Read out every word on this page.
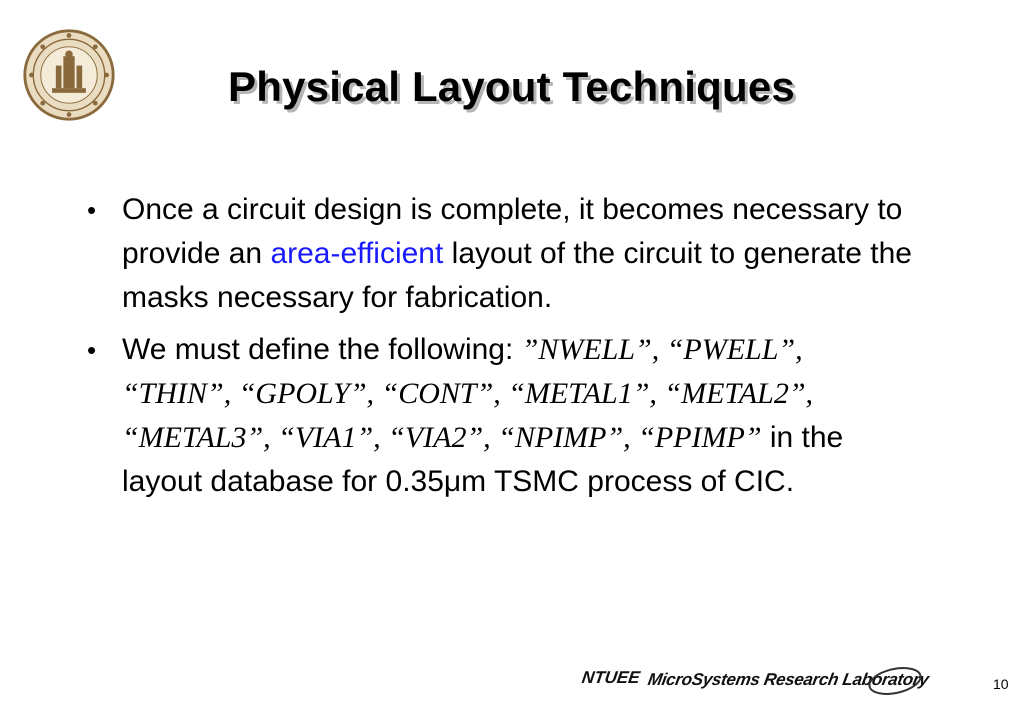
Physical Layout Techniques
• Once a circuit design is complete, it becomes necessary to provide an area-efficient layout of the circuit to generate the masks necessary for fabrication.
• We must define the following: ”NWELL”, “PWELL”, “THIN”, “GPOLY”, “CONT”, “METAL1”, “METAL2”, “METAL3”, “VIA1”, “VIA2”, “NPIMP”, “PPIMP” in the layout database for 0.35μm TSMC process of CIC.
NTUEE MicroSystems Research Laboratory	10
